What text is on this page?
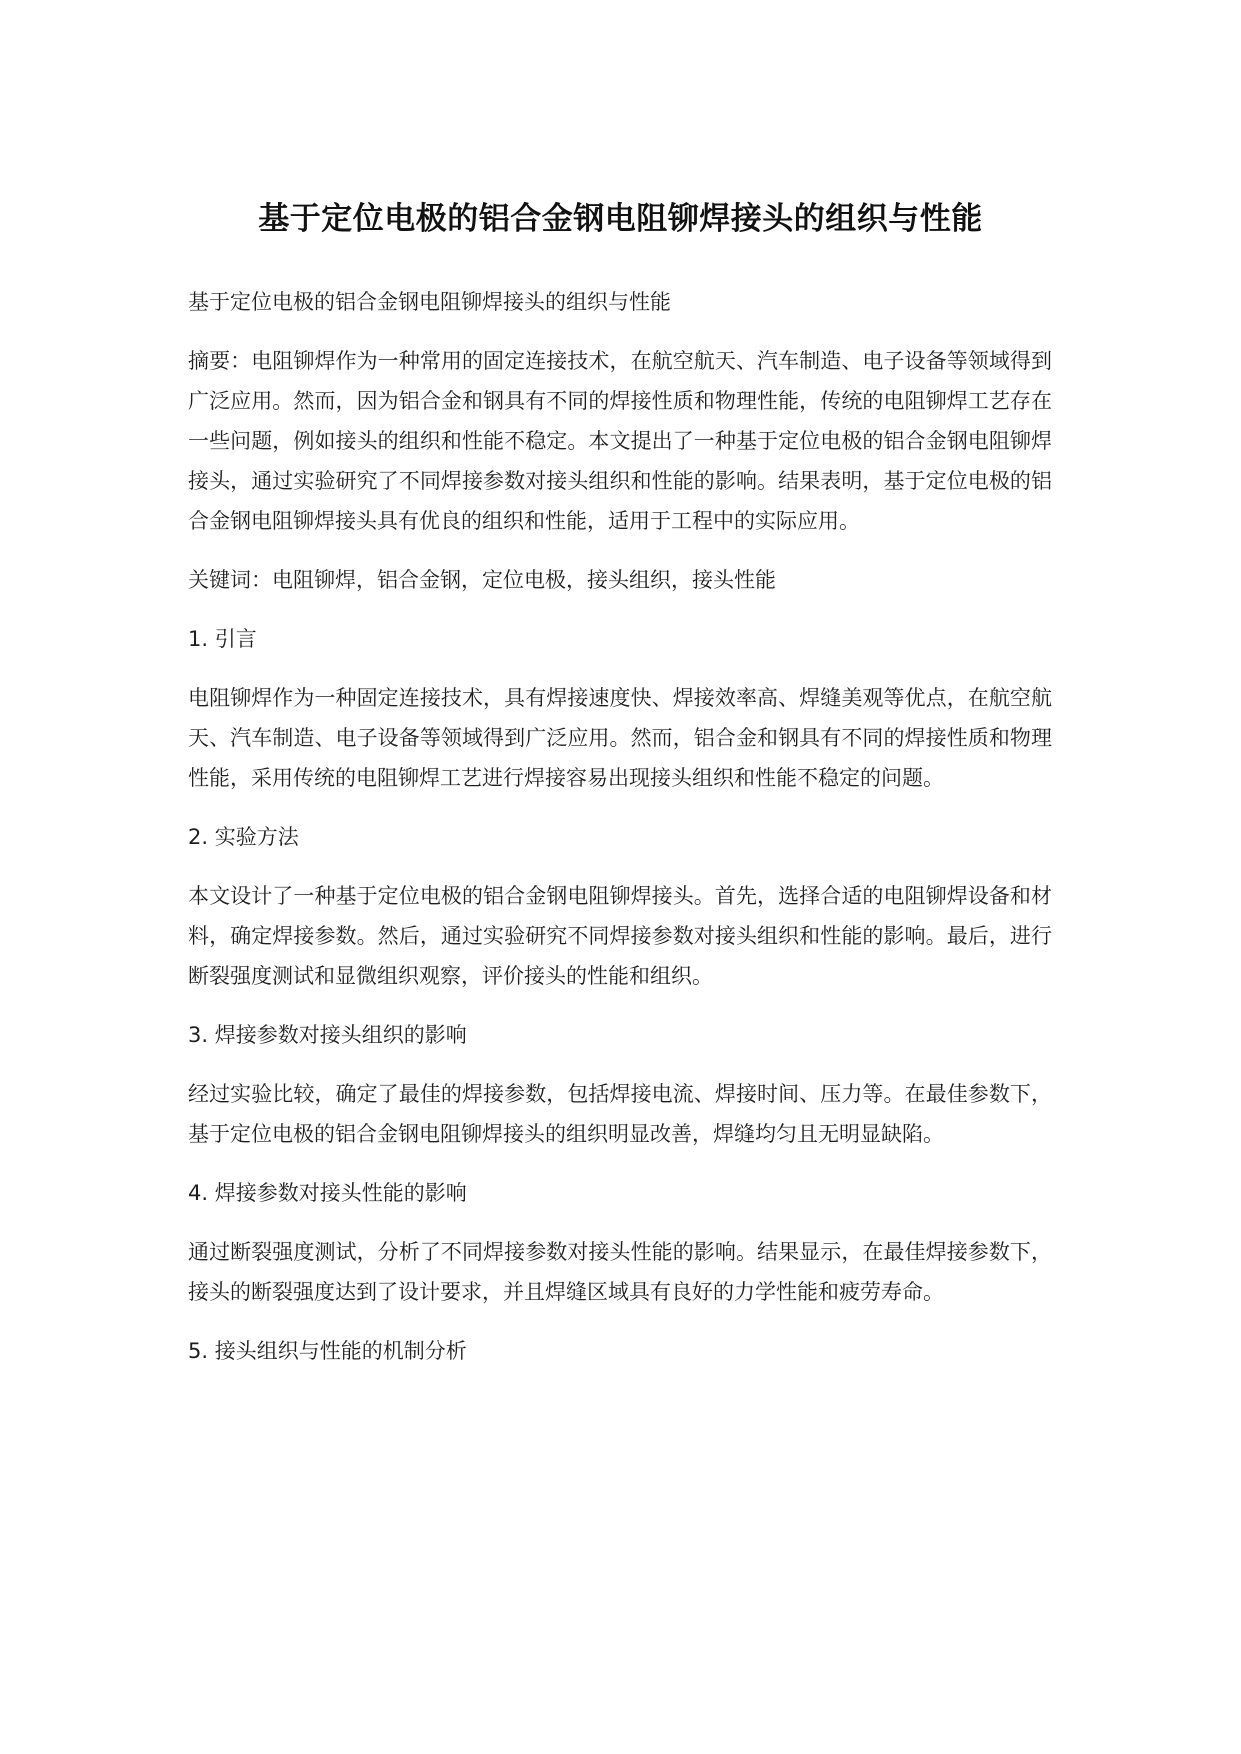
基于定位电极的铝合金钢电阻铆焊接头的组织与性能

基于定位电极的铝合金钢电阻铆焊接头的组织与性能

摘要：电阻铆焊作为一种常用的固定连接技术，在航空航天、汽车制造、电子设备等领域得到广泛应用。然而，因为铝合金和钢具有不同的焊接性质和物理性能，传统的电阻铆焊工艺存在一些问题，例如接头的组织和性能不稳定。本文提出了一种基于定位电极的铝合金钢电阻铆焊接头，通过实验研究了不同焊接参数对接头组织和性能的影响。结果表明，基于定位电极的铝合金钢电阻铆焊接头具有优良的组织和性能，适用于工程中的实际应用。

关键词：电阻铆焊，铝合金钢，定位电极，接头组织，接头性能

1. 引言

电阻铆焊作为一种固定连接技术，具有焊接速度快、焊接效率高、焊缝美观等优点，在航空航天、汽车制造、电子设备等领域得到广泛应用。然而，铝合金和钢具有不同的焊接性质和物理性能，采用传统的电阻铆焊工艺进行焊接容易出现接头组织和性能不稳定的问题。

2. 实验方法

本文设计了一种基于定位电极的铝合金钢电阻铆焊接头。首先，选择合适的电阻铆焊设备和材料，确定焊接参数。然后，通过实验研究不同焊接参数对接头组织和性能的影响。最后，进行断裂强度测试和显微组织观察，评价接头的性能和组织。

3. 焊接参数对接头组织的影响

经过实验比较，确定了最佳的焊接参数，包括焊接电流、焊接时间、压力等。在最佳参数下，基于定位电极的铝合金钢电阻铆焊接头的组织明显改善，焊缝均匀且无明显缺陷。

4. 焊接参数对接头性能的影响

通过断裂强度测试，分析了不同焊接参数对接头性能的影响。结果显示，在最佳焊接参数下，接头的断裂强度达到了设计要求，并且焊缝区域具有良好的力学性能和疲劳寿命。

5. 接头组织与性能的机制分析
